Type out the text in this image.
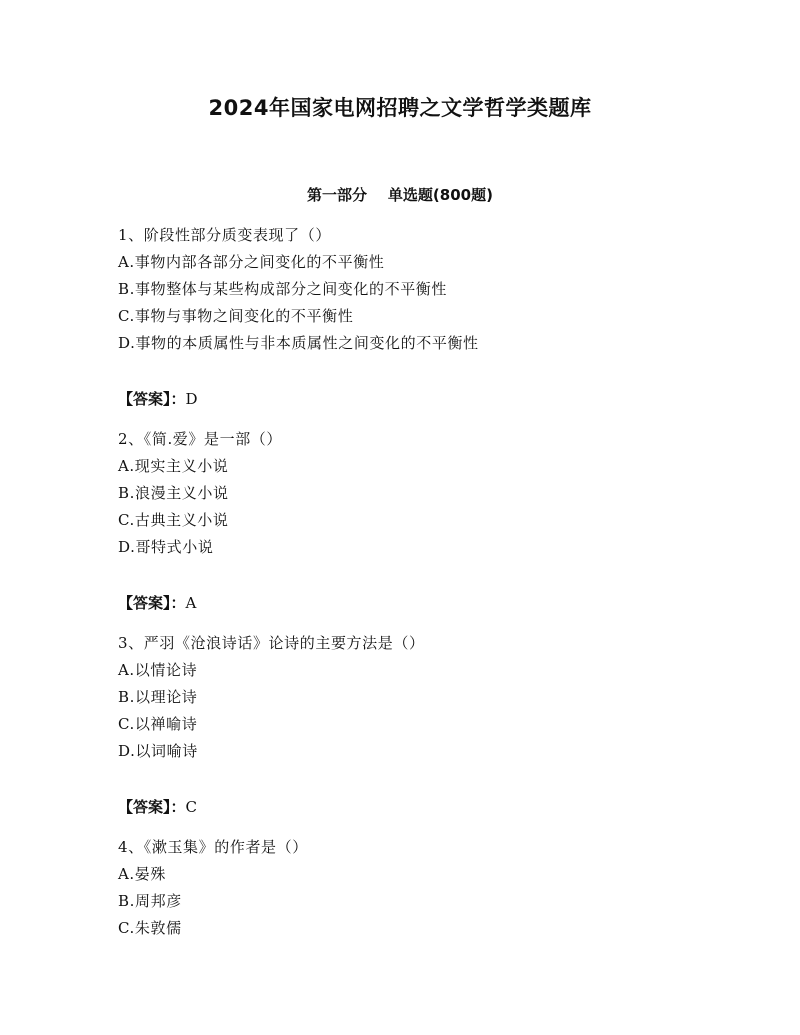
2024年国家电网招聘之文学哲学类题库
第一部分    单选题(800题)
1、阶段性部分质变表现了（）
A.事物内部各部分之间变化的不平衡性
B.事物整体与某些构成部分之间变化的不平衡性
C.事物与事物之间变化的不平衡性
D.事物的本质属性与非本质属性之间变化的不平衡性
【答案】：D
2、《简.爱》是一部（）
A.现实主义小说
B.浪漫主义小说
C.古典主义小说
D.哥特式小说
【答案】：A
3、严羽《沧浪诗话》论诗的主要方法是（）
A.以情论诗
B.以理论诗
C.以禅喻诗
D.以词喻诗
【答案】：C
4、《漱玉集》的作者是（）
A.晏殊
B.周邦彦
C.朱敦儒
